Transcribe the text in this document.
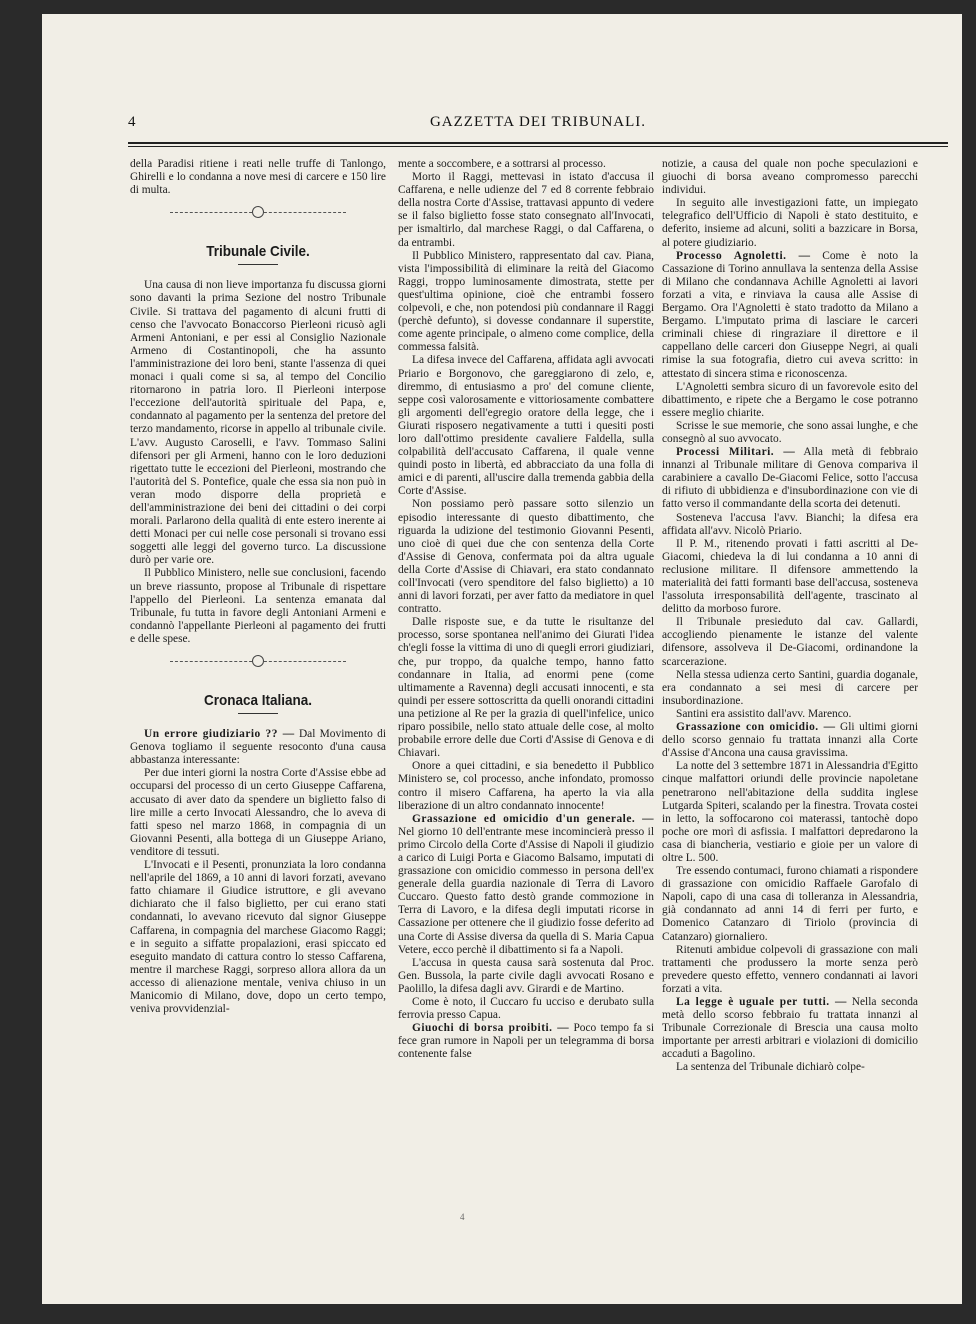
4	GAZZETTA DEI TRIBUNALI.

della Paradisi ritiene i reati nelle truffe di Tanlongo, Ghirelli e lo condanna a nove mesi di carcere e 150 lire di multa.

Tribunale Civile.

Una causa di non lieve importanza fu discussa giorni sono davanti la prima Sezione del nostro Tribunale Civile. Si trattava del pagamento di alcuni frutti di censo che l'avvocato Bonaccorso Pierleoni ricusò agli Armeni Antoniani, e per essi al Consiglio Nazionale Armeno di Costantinopoli, che ha assunto l'amministrazione dei loro beni, stante l'assenza di quei monaci i quali come si sa, al tempo del Concilio ritornarono in patria loro. Il Pierleoni interpose l'eccezione dell'autorità spirituale del Papa, e, condannato al pagamento per la sentenza del pretore del terzo mandamento, ricorse in appello al tribunale civile. L'avv. Augusto Caroselli, e l'avv. Tommaso Salini difensori per gli Armeni, hanno con le loro deduzioni rigettato tutte le eccezioni del Pierleoni, mostrando che l'autorità del S. Pontefice, quale che essa sia non può in veran modo disporre della proprietà e dell'amministrazione dei beni dei cittadini o dei corpi morali. Parlarono della qualità di ente estero inerente ai detti Monaci per cui nelle cose personali si trovano essi soggetti alle leggi del governo turco. La discussione durò per varie ore.

Il Pubblico Ministero, nelle sue conclusioni, facendo un breve riassunto, propose al Tribunale di rispettare l'appello del Pierleoni. La sentenza emanata dal Tribunale, fu tutta in favore degli Antoniani Armeni e condannò l'appellante Pierleoni al pagamento dei frutti e delle spese.

Cronaca Italiana.

Un errore giudiziario ?? — Dal Movimento di Genova togliamo il seguente resoconto d'una causa abbastanza interessante:

Per due interi giorni la nostra Corte d'Assise ebbe ad occuparsi del processo di un certo Giuseppe Caffarena, accusato di aver dato da spendere un biglietto falso di lire mille a certo Invocati Alessandro, che lo aveva di fatti speso nel marzo 1868, in compagnia di un Giovanni Pesenti, alla bottega di un Giuseppe Ariano, venditore di tessuti.

L'Invocati e il Pesenti, pronunziata la loro condanna nell'aprile del 1869, a 10 anni di lavori forzati, avevano fatto chiamare il Giudice istruttore, e gli avevano dichiarato che il falso biglietto, per cui erano stati condannati, lo avevano ricevuto dal signor Giuseppe Caffarena, in compagnia del marchese Giacomo Raggi; e in seguito a siffatte propalazioni, erasi spiccato ed eseguito mandato di cattura contro lo stesso Caffarena, mentre il marchese Raggi, sorpreso allora allora da un accesso di alienazione mentale, veniva chiuso in un Manicomio di Milano, dove, dopo un certo tempo, veniva provvidenzial-

mente a soccombere, e a sottrarsi al processo.

Morto il Raggi, mettevasi in istato d'accusa il Caffarena, e nelle udienze del 7 ed 8 corrente febbraio della nostra Corte d'Assise, trattavasi appunto di vedere se il falso biglietto fosse stato consegnato all'Invocati, per ismaltirlo, dal marchese Raggi, o dal Caffarena, o da entrambi.

Il Pubblico Ministero, rappresentato dal cav. Piana, vista l'impossibilità di eliminare la reità del Giacomo Raggi, troppo luminosamente dimostrata, stette per quest'ultima opinione, cioè che entrambi fossero colpevoli, e che, non potendosi più condannare il Raggi (perchè defunto), si dovesse condannare il superstite, come agente principale, o almeno come complice, della commessa falsità.

La difesa invece del Caffarena, affidata agli avvocati Priario e Borgonovo, che gareggiarono di zelo, e, diremmo, di entusiasmo a pro' del comune cliente, seppe così valorosamente e vittoriosamente combattere gli argomenti dell'egregio oratore della legge, che i Giurati risposero negativamente a tutti i quesiti posti loro dall'ottimo presidente cavaliere Faldella, sulla colpabilità dell'accusato Caffarena, il quale venne quindi posto in libertà, ed abbracciato da una folla di amici e di parenti, all'uscire dalla tremenda gabbia della Corte d'Assise.

Non possiamo però passare sotto silenzio un episodio interessante di questo dibattimento, che riguarda la udizione del testimonio Giovanni Pesenti, uno cioè di quei due che con sentenza della Corte d'Assise di Genova, confermata poi da altra uguale della Corte d'Assise di Chiavari, era stato condannato coll'Invocati (vero spenditore del falso biglietto) a 10 anni di lavori forzati, per aver fatto da mediatore in quel contratto.

Dalle risposte sue, e da tutte le risultanze del processo, sorse spontanea nell'animo dei Giurati l'idea ch'egli fosse la vittima di uno di quegli errori giudiziari, che, pur troppo, da qualche tempo, hanno fatto condannare in Italia, ad enormi pene (come ultimamente a Ravenna) degli accusati innocenti, e sta quindi per essere sottoscritta da quelli onorandi cittadini una petizione al Re per la grazia di quell'infelice, unico riparo possibile, nello stato attuale delle cose, al molto probabile errore delle due Corti d'Assise di Genova e di Chiavari.

Onore a quei cittadini, e sia benedetto il Pubblico Ministero se, col processo, anche infondato, promosso contro il misero Caffarena, ha aperto la via alla liberazione di un altro condannato innocente!

Grassazione ed omicidio d'un generale. — Nel giorno 10 dell'entrante mese incomincierà presso il primo Circolo della Corte d'Assise di Napoli il giudizio a carico di Luigi Porta e Giacomo Balsamo, imputati di grassazione con omicidio commesso in persona dell'ex generale della guardia nazionale di Terra di Lavoro Cuccaro. Questo fatto destò grande commozione in Terra di Lavoro, e la difesa degli imputati ricorse in Cassazione per ottenere che il giudizio fosse deferito ad una Corte di Assise diversa da quella di S. Maria Capua Vetere, ecco perchè il dibattimento si fa a Napoli.

L'accusa in questa causa sarà sostenuta dal Proc. Gen. Bussola, la parte civile dagli avvocati Rosano e Paolillo, la difesa dagli avv. Girardi e de Martino.

Come è noto, il Cuccaro fu ucciso e derubato sulla ferrovia presso Capua.

Giuochi di borsa proibiti. — Poco tempo fa si fece gran rumore in Napoli per un telegramma di borsa contenente false

notizie, a causa del quale non poche speculazioni e giuochi di borsa aveano compromesso parecchi individui.

In seguito alle investigazioni fatte, un impiegato telegrafico dell'Ufficio di Napoli è stato destituito, e deferito, insieme ad alcuni, soliti a bazzicare in Borsa, al potere giudiziario.

Processo Agnoletti. — Come è noto la Cassazione di Torino annullava la sentenza della Assise di Milano che condannava Achille Agnoletti ai lavori forzati a vita, e rinviava la causa alle Assise di Bergamo. Ora l'Agnoletti è stato tradotto da Milano a Bergamo. L'imputato prima di lasciare le carceri criminali chiese di ringraziare il direttore e il cappellano delle carceri don Giuseppe Negri, ai quali rimise la sua fotografia, dietro cui aveva scritto: in attestato di sincera stima e riconoscenza.

L'Agnoletti sembra sicuro di un favorevole esito del dibattimento, e ripete che a Bergamo le cose potranno essere meglio chiarite.

Scrisse le sue memorie, che sono assai lunghe, e che consegnò al suo avvocato.

Processi Militari. — Alla metà di febbraio innanzi al Tribunale militare di Genova compariva il carabiniere a cavallo De-Giacomi Felice, sotto l'accusa di rifiuto di ubbidienza e d'insubordinazione con vie di fatto verso il commandante della scorta dei detenuti.

Sosteneva l'accusa l'avv. Bianchi; la difesa era affidata all'avv. Nicolò Priario.

Il P. M., ritenendo provati i fatti ascritti al De-Giacomi, chiedeva la di lui condanna a 10 anni di reclusione militare. Il difensore ammettendo la materialità dei fatti formanti base dell'accusa, sosteneva l'assoluta irresponsabilità dell'agente, trascinato al delitto da morboso furore.

Il Tribunale presieduto dal cav. Gallardi, accogliendo pienamente le istanze del valente difensore, assolveva il De-Giacomi, ordinandone la scarcerazione.

Nella stessa udienza certo Santini, guardia doganale, era condannato a sei mesi di carcere per insubordinazione.

Santini era assistito dall'avv. Marenco.

Grassazione con omicidio. — Gli ultimi giorni dello scorso gennaio fu trattata innanzi alla Corte d'Assise d'Ancona una causa gravissima.

La notte del 3 settembre 1871 in Alessandria d'Egitto cinque malfattori oriundi delle provincie napoletane penetrarono nell'abitazione della suddita inglese Lutgarda Spiteri, scalando per la finestra. Trovata costei in letto, la soffocarono coi materassi, tantochè dopo poche ore morì di asfissia. I malfattori depredarono la casa di biancheria, vestiario e gioie per un valore di oltre L. 500.

Tre essendo contumaci, furono chiamati a rispondere di grassazione con omicidio Raffaele Garofalo di Napoli, capo di una casa di tolleranza in Alessandria, già condannato ad anni 14 di ferri per furto, e Domenico Catanzaro di Tiriolo (provincia di Catanzaro) giornaliero.

Ritenuti ambidue colpevoli di grassazione con mali trattamenti che produssero la morte senza però prevedere questo effetto, vennero condannati ai lavori forzati a vita.

La legge è uguale per tutti. — Nella seconda metà dello scorso febbraio fu trattata innanzi al Tribunale Correzionale di Brescia una causa molto importante per arresti arbitrari e violazioni di domicilio accaduti a Bagolino.

La sentenza del Tribunale dichiarò colpe-

4
